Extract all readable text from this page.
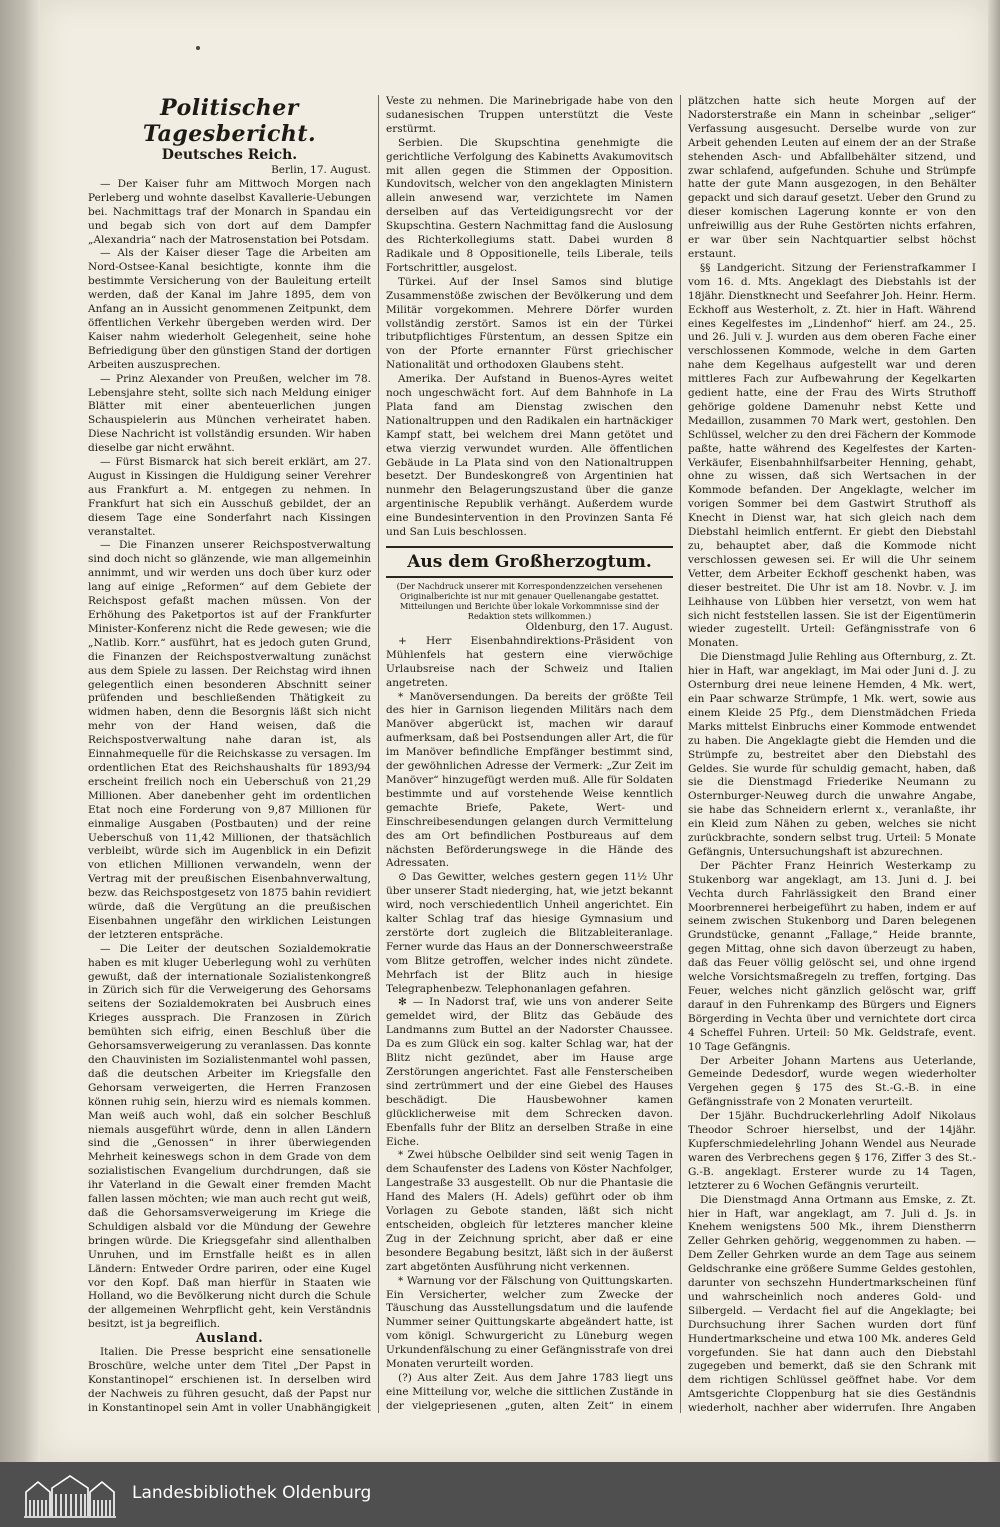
Politischer Tagesbericht.

Deutsches Reich.

Berlin, 17. August.

— Der Kaiser fuhr am Mittwoch Morgen nach Perleberg und wohnte daselbst Kavallerie-Uebungen bei. Nachmittags traf der Monarch in Spandau ein und begab sich von dort auf dem Dampfer „Alexandria“ nach der Matrosenstation bei Potsdam.

— Als der Kaiser dieser Tage die Arbeiten am Nord-Ostsee-Kanal besichtigte, konnte ihm die bestimmte Versicherung von der Bauleitung erteilt werden, daß der Kanal im Jahre 1895, dem von Anfang an in Aussicht genommenen Zeitpunkt, dem öffentlichen Verkehr übergeben werden wird. Der Kaiser nahm wiederholt Gelegenheit, seine hohe Befriedigung über den günstigen Stand der dortigen Arbeiten auszusprechen.

— Prinz Alexander von Preußen, welcher im 78. Lebensjahre steht, sollte sich nach Meldung einiger Blätter mit einer abenteuerlichen jungen Schauspielerin aus München verheiratet haben. Diese Nachricht ist vollständig ersunden. Wir haben dieselbe gar nicht erwähnt.

— Fürst Bismarck hat sich bereit erklärt, am 27. August in Kissingen die Huldigung seiner Verehrer aus Frankfurt a. M. entgegen zu nehmen. In Frankfurt hat sich ein Ausschuß gebildet, der an diesem Tage eine Sonderfahrt nach Kissingen veranstaltet.

— Die Finanzen unserer Reichspostverwaltung sind doch nicht so glänzende, wie man allgemeinhin annimmt, und wir werden uns doch über kurz oder lang auf einige „Reformen“ auf dem Gebiete der Reichspost gefaßt machen müssen. Von der Erhöhung des Paketportos ist auf der Frankfurter Minister-Konferenz nicht die Rede gewesen; wie die „Natlib. Korr.“ ausführt, hat es jedoch guten Grund, die Finanzen der Reichspostverwaltung zunächst aus dem Spiele zu lassen. Der Reichstag wird ihnen gelegentlich einen besonderen Abschnitt seiner prüfenden und beschließenden Thätigkeit zu widmen haben, denn die Besorgnis läßt sich nicht mehr von der Hand weisen, daß die Reichspostverwaltung nahe daran ist, als Einnahmequelle für die Reichskasse zu versagen. Im ordentlichen Etat des Reichshaushalts für 1893/94 erscheint freilich noch ein Ueberschuß von 21,29 Millionen. Aber danebenher geht im ordentlichen Etat noch eine Forderung von 9,87 Millionen für einmalige Ausgaben (Postbauten) und der reine Ueberschuß von 11,42 Millionen, der thatsächlich verbleibt, würde sich im Augenblick in ein Defizit von etlichen Millionen verwandeln, wenn der Vertrag mit der preußischen Eisenbahnverwaltung, bezw. das Reichspostgesetz von 1875 bahin revidiert würde, daß die Vergütung an die preußischen Eisenbahnen ungefähr den wirklichen Leistungen der letzteren entspräche.

— Die Leiter der deutschen Sozialdemokratie haben es mit kluger Ueberlegung wohl zu verhüten gewußt, daß der internationale Sozialistenkongreß in Zürich sich für die Verweigerung des Gehorsams seitens der Sozialdemokraten bei Ausbruch eines Krieges aussprach. Die Franzosen in Zürich bemühten sich eifrig, einen Beschluß über die Gehorsamsverweigerung zu veranlassen. Das konnte den Chauvinisten im Sozialistenmantel wohl passen, daß die deutschen Arbeiter im Kriegsfalle den Gehorsam verweigerten, die Herren Franzosen können ruhig sein, hierzu wird es niemals kommen. Man weiß auch wohl, daß ein solcher Beschluß niemals ausgeführt würde, denn in allen Ländern sind die „Genossen“ in ihrer überwiegenden Mehrheit keineswegs schon in dem Grade von dem sozialistischen Evangelium durchdrungen, daß sie ihr Vaterland in die Gewalt einer fremden Macht fallen lassen möchten; wie man auch recht gut weiß, daß die Gehorsamsverweigerung im Kriege die Schuldigen alsbald vor die Mündung der Gewehre bringen würde. Die Kriegsgefahr sind allenthalben Unruhen, und im Ernstfalle heißt es in allen Ländern: Entweder Ordre pariren, oder eine Kugel vor den Kopf. Daß man hierfür in Staaten wie Holland, wo die Bevölkerung nicht durch die Schule der allgemeinen Wehrpflicht geht, kein Verständnis besitzt, ist ja begreiflich.

Ausland.

Italien. Die Presse bespricht eine sensationelle Broschüre, welche unter dem Titel „Der Papst in Konstantinopel“ erschienen ist. In derselben wird der Nachweis zu führen gesucht, daß der Papst nur in Konstantinopel sein Amt in voller Unabhängigkeit

Veste zu nehmen. Die Marinebrigade habe von den sudanesischen Truppen unterstützt die Veste erstürmt.

Serbien. Die Skupschtina genehmigte die gerichtliche Verfolgung des Kabinetts Avakumovitsch mit allen gegen die Stimmen der Opposition. Kundovitsch, welcher von den angeklagten Ministern allein anwesend war, verzichtete im Namen derselben auf das Verteidigungsrecht vor der Skupschtina. Gestern Nachmittag fand die Auslosung des Richterkollegiums statt. Dabei wurden 8 Radikale und 8 Oppositionelle, teils Liberale, teils Fortschrittler, ausgelost.

Türkei. Auf der Insel Samos sind blutige Zusammenstöße zwischen der Bevölkerung und dem Militär vorgekommen. Mehrere Dörfer wurden vollständig zerstört. Samos ist ein der Türkei tributpflichtiges Fürstentum, an dessen Spitze ein von der Pforte ernannter Fürst griechischer Nationalität und orthodoxen Glaubens steht.

Amerika. Der Aufstand in Buenos-Ayres weitet noch ungeschwächt fort. Auf dem Bahnhofe in La Plata fand am Dienstag zwischen den Nationaltruppen und den Radikalen ein hartnäckiger Kampf statt, bei welchem drei Mann getötet und etwa vierzig verwundet wurden. Alle öffentlichen Gebäude in La Plata sind von den Nationaltruppen besetzt. Der Bundeskongreß von Argentinien hat nunmehr den Belagerungszustand über die ganze argentinische Republik verhängt. Außerdem wurde eine Bundesintervention in den Provinzen Santa Fé und San Luis beschlossen.

Aus dem Großherzogtum.

(Der Nachdruck unserer mit Korrespondenzzeichen versehenen Originalberichte ist nur mit genauer Quellenangabe gestattet. Mitteilungen und Berichte über lokale Vorkommnisse sind der Redaktion stets willkommen.)

Oldenburg, den 17. August.

+ Herr Eisenbahndirektions-Präsident von Mühlenfels hat gestern eine vierwöchige Urlaubsreise nach der Schweiz und Italien angetreten.

* Manöversendungen. Da bereits der größte Teil des hier in Garnison liegenden Militärs nach dem Manöver abgerückt ist, machen wir darauf aufmerksam, daß bei Postsendungen aller Art, die für im Manöver befindliche Empfänger bestimmt sind, der gewöhnlichen Adresse der Vermerk: „Zur Zeit im Manöver“ hinzugefügt werden muß. Alle für Soldaten bestimmte und auf vorstehende Weise kenntlich gemachte Briefe, Pakete, Wert- und Einschreibesendungen gelangen durch Vermittelung des am Ort befindlichen Postbureaus auf dem nächsten Beförderungswege in die Hände des Adressaten.

⊙ Das Gewitter, welches gestern gegen 11½ Uhr über unserer Stadt niederging, hat, wie jetzt bekannt wird, noch verschiedentlich Unheil angerichtet. Ein kalter Schlag traf das hiesige Gymnasium und zerstörte dort zugleich die Blitzableiteranlage. Ferner wurde das Haus an der Donnerschweerstraße vom Blitze getroffen, welcher indes nicht zündete. Mehrfach ist der Blitz auch in hiesige Telegraphenbezw. Telephonanlagen gefahren.

✻ — In Nadorst traf, wie uns von anderer Seite gemeldet wird, der Blitz das Gebäude des Landmanns zum Buttel an der Nadorster Chaussee. Da es zum Glück ein sog. kalter Schlag war, hat der Blitz nicht gezündet, aber im Hause arge Zerstörungen angerichtet. Fast alle Fensterscheiben sind zertrümmert und der eine Giebel des Hauses beschädigt. Die Hausbewohner kamen glücklicherweise mit dem Schrecken davon. Ebenfalls fuhr der Blitz an derselben Straße in eine Eiche.

* Zwei hübsche Oelbilder sind seit wenig Tagen in dem Schaufenster des Ladens von Köster Nachfolger, Langestraße 33 ausgestellt. Ob nur die Phantasie die Hand des Malers (H. Adels) geführt oder ob ihm Vorlagen zu Gebote standen, läßt sich nicht entscheiden, obgleich für letzteres mancher kleine Zug in der Zeichnung spricht, aber daß er eine besondere Begabung besitzt, läßt sich in der äußerst zart abgetönten Ausführung nicht verkennen.

* Warnung vor der Fälschung von Quittungskarten. Ein Versicherter, welcher zum Zwecke der Täuschung das Ausstellungsdatum und die laufende Nummer seiner Quittungskarte abgeändert hatte, ist vom königl. Schwurgericht zu Lüneburg wegen Urkundenfälschung zu einer Gefängnisstrafe von drei Monaten verurteilt worden.

(?) Aus alter Zeit. Aus dem Jahre 1783 liegt uns eine Mitteilung vor, welche die sittlichen Zustände in der vielgepriesenen „guten, alten Zeit“ in einem

plätzchen hatte sich heute Morgen auf der Nadorsterstraße ein Mann in scheinbar „seliger“ Verfassung ausgesucht. Derselbe wurde von zur Arbeit gehenden Leuten auf einem der an der Straße stehenden Asch- und Abfallbehälter sitzend, und zwar schlafend, aufgefunden. Schuhe und Strümpfe hatte der gute Mann ausgezogen, in den Behälter gepackt und sich darauf gesetzt. Ueber den Grund zu dieser komischen Lagerung konnte er von den unfreiwillig aus der Ruhe Gestörten nichts erfahren, er war über sein Nachtquartier selbst höchst erstaunt.

§§ Landgericht. Sitzung der Ferienstrafkammer I vom 16. d. Mts. Angeklagt des Diebstahls ist der 18jähr. Dienstknecht und Seefahrer Joh. Heinr. Herm. Eckhoff aus Westerholt, z. Zt. hier in Haft. Während eines Kegelfestes im „Lindenhof“ hierf. am 24., 25. und 26. Juli v. J. wurden aus dem oberen Fache einer verschlossenen Kommode, welche in dem Garten nahe dem Kegelhaus aufgestellt war und deren mittleres Fach zur Aufbewahrung der Kegelkarten gedient hatte, eine der Frau des Wirts Struthoff gehörige goldene Damenuhr nebst Kette und Medaillon, zusammen 70 Mark wert, gestohlen. Den Schlüssel, welcher zu den drei Fächern der Kommode paßte, hatte während des Kegelfestes der Karten-Verkäufer, Eisenbahnhilfsarbeiter Henning, gehabt, ohne zu wissen, daß sich Wertsachen in der Kommode befanden. Der Angeklagte, welcher im vorigen Sommer bei dem Gastwirt Struthoff als Knecht in Dienst war, hat sich gleich nach dem Diebstahl heimlich entfernt. Er giebt den Diebstahl zu, behauptet aber, daß die Kommode nicht verschlossen gewesen sei. Er will die Uhr seinem Vetter, dem Arbeiter Eckhoff geschenkt haben, was dieser bestreitet. Die Uhr ist am 18. Novbr. v. J. im Leihhause von Lübben hier versetzt, von wem hat sich nicht feststellen lassen. Sie ist der Eigentümerin wieder zugestellt. Urteil: Gefängnisstrafe von 6 Monaten.

Die Dienstmagd Julie Rehling aus Ofternburg, z. Zt. hier in Haft, war angeklagt, im Mai oder Juni d. J. zu Osternburg drei neue leinene Hemden, 4 Mk. wert, ein Paar schwarze Strümpfe, 1 Mk. wert, sowie aus einem Kleide 25 Pfg., dem Dienstmädchen Frieda Marks mittelst Einbruchs einer Kommode entwendet zu haben. Die Angeklagte giebt die Hemden und die Strümpfe zu, bestreitet aber den Diebstahl des Geldes. Sie wurde für schuldig gemacht, haben, daß sie die Dienstmagd Friederike Neumann zu Osternburger-Neuweg durch die unwahre Angabe, sie habe das Schneidern erlernt x., veranlaßte, ihr ein Kleid zum Nähen zu geben, welches sie nicht zurückbrachte, sondern selbst trug. Urteil: 5 Monate Gefängnis, Untersuchungshaft ist abzurechnen.

Der Pächter Franz Heinrich Westerkamp zu Stukenborg war angeklagt, am 13. Juni d. J. bei Vechta durch Fahrlässigkeit den Brand einer Moorbrennerei herbeigeführt zu haben, indem er auf seinem zwischen Stukenborg und Daren belegenen Grundstücke, genannt „Fallage,“ Heide brannte, gegen Mittag, ohne sich davon überzeugt zu haben, daß das Feuer völlig gelöscht sei, und ohne irgend welche Vorsichtsmaßregeln zu treffen, fortging. Das Feuer, welches nicht gänzlich gelöscht war, griff darauf in den Fuhrenkamp des Bürgers und Eigners Börgerding in Vechta über und vernichtete dort circa 4 Scheffel Fuhren. Urteil: 50 Mk. Geldstrafe, event. 10 Tage Gefängnis.

Der Arbeiter Johann Martens aus Ueterlande, Gemeinde Dedesdorf, wurde wegen wiederholter Vergehen gegen § 175 des St.-G.-B. in eine Gefängnisstrafe von 2 Monaten verurteilt.

Der 15jähr. Buchdruckerlehrling Adolf Nikolaus Theodor Schroer hierselbst, und der 14jähr. Kupferschmiedelehrling Johann Wendel aus Neurade waren des Verbrechens gegen § 176, Ziffer 3 des St.-G.-B. angeklagt. Ersterer wurde zu 14 Tagen, letzterer zu 6 Wochen Gefängnis verurteilt.

Die Dienstmagd Anna Ortmann aus Emske, z. Zt. hier in Haft, war angeklagt, am 7. Juli d. Js. in Knehem wenigstens 500 Mk., ihrem Dienstherrn Zeller Gehrken gehörig, weggenommen zu haben. — Dem Zeller Gehrken wurde an dem Tage aus seinem Geldschranke eine größere Summe Geldes gestohlen, darunter von sechszehn Hundertmarkscheinen fünf und wahrscheinlich noch anderes Gold- und Silbergeld. — Verdacht fiel auf die Angeklagte; bei Durchsuchung ihrer Sachen wurden dort fünf Hundertmarkscheine und etwa 100 Mk. anderes Geld vorgefunden. Sie hat dann auch den Diebstahl zugegeben und bemerkt, daß sie den Schrank mit dem richtigen Schlüssel geöffnet habe. Vor dem Amtsgerichte Cloppenburg hat sie dies Geständnis wiederholt, nachher aber widerrufen. Ihre Angaben

Landesbibliothek Oldenburg
